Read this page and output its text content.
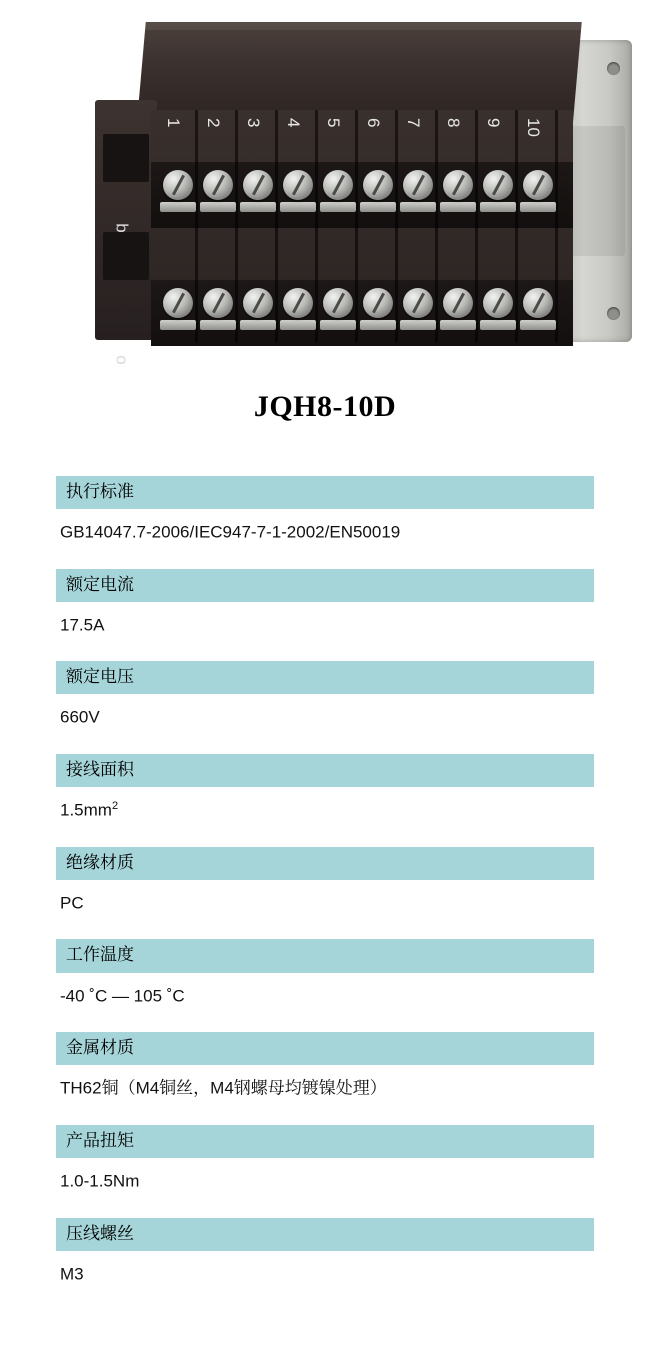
b
o
1 2 3 4 5 6 7 8 9 10
JQH8-10D
执行标准
GB14047.7-2006/IEC947-7-1-2002/EN50019
额定电流
17.5A
额定电压
660V
接线面积
$1.5mm^2$
绝缘材质
PC
工作温度
-40 ˚C — 105 ˚C
金属材质
TH62铜（M4铜丝，M4钢螺母均镀镍处理）
产品扭矩
1.0-1.5Nm
压线螺丝
M3
